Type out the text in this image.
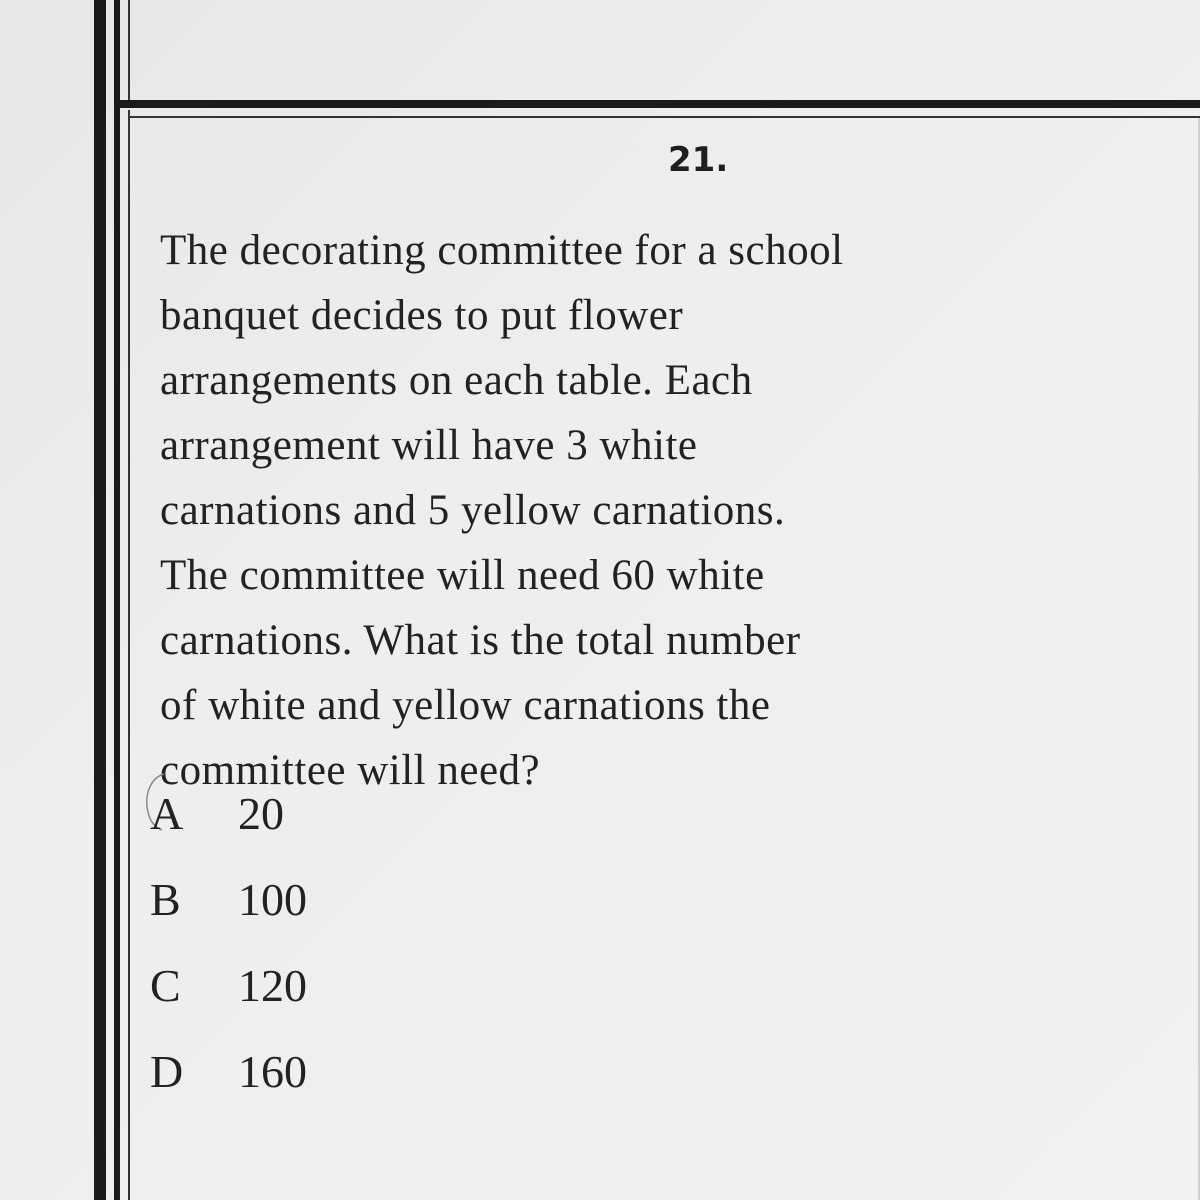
21.
The decorating committee for a school
banquet decides to put flower
arrangements on each table. Each
arrangement will have 3 white
carnations and 5 yellow carnations.
The committee will need 60 white
carnations. What is the total number
of white and yellow carnations the
committee will need?
A	20
B	100
C	120
D	160
